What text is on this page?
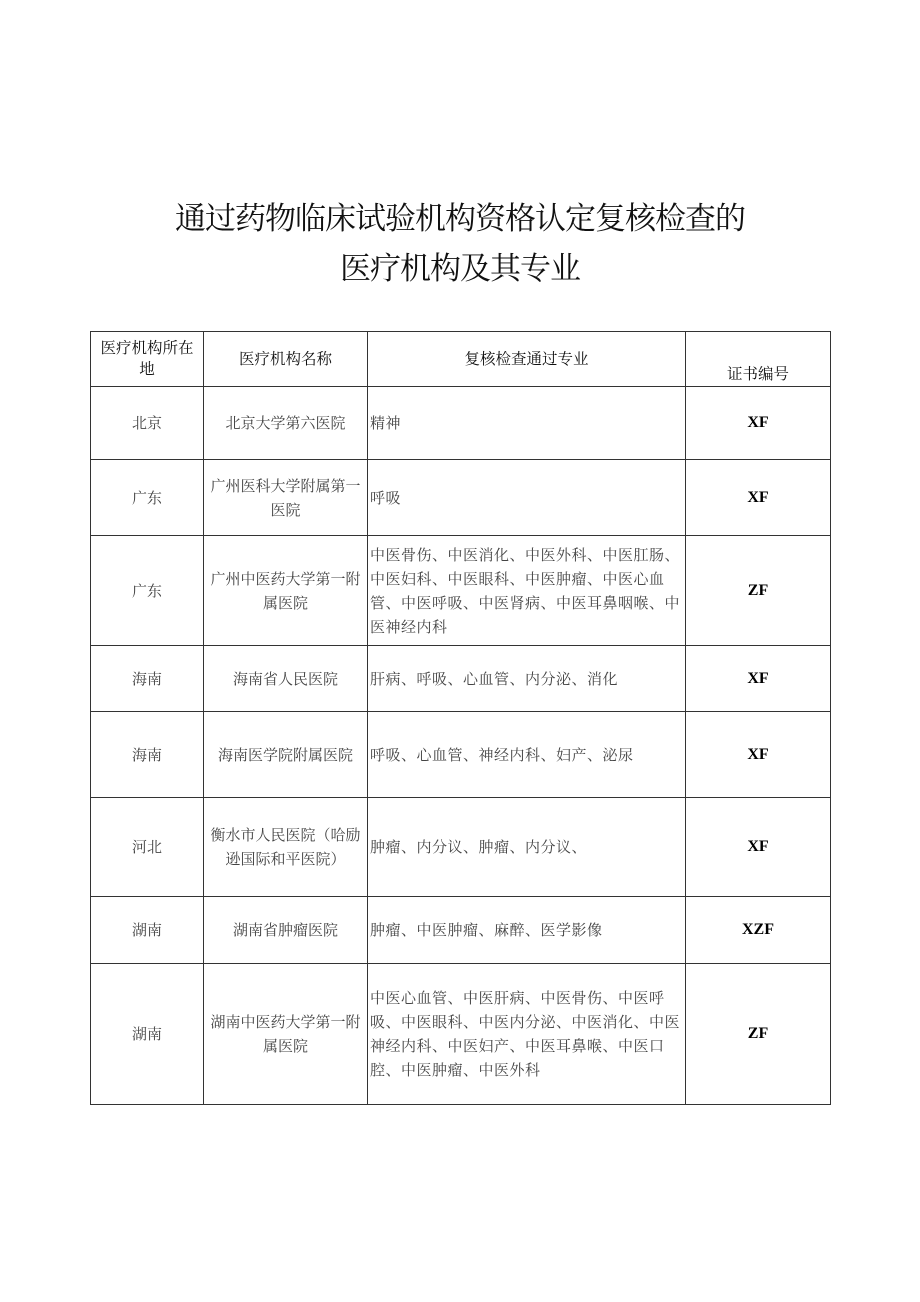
通过药物临床试验机构资格认定复核检查的
医疗机构及其专业
医疗机构所在地	医疗机构名称	复核检查通过专业	证书编号
北京	北京大学第六医院	精神	XF
广东	广州医科大学附属第一医院	呼吸	XF
广东	广州中医药大学第一附属医院	中医骨伤、中医消化、中医外科、中医肛肠、中医妇科、中医眼科、中医肿瘤、中医心血管、中医呼吸、中医肾病、中医耳鼻咽喉、中医神经内科	ZF
海南	海南省人民医院	肝病、呼吸、心血管、内分泌、消化	XF
海南	海南医学院附属医院	呼吸、心血管、神经内科、妇产、泌尿	XF
河北	衡水市人民医院（哈励逊国际和平医院）	肿瘤、内分议、肿瘤、内分议、	XF
湖南	湖南省肿瘤医院	肿瘤、中医肿瘤、麻醉、医学影像	XZF
湖南	湖南中医药大学第一附属医院	中医心血管、中医肝病、中医骨伤、中医呼吸、中医眼科、中医内分泌、中医消化、中医神经内科、中医妇产、中医耳鼻喉、中医口腔、中医肿瘤、中医外科	ZF
